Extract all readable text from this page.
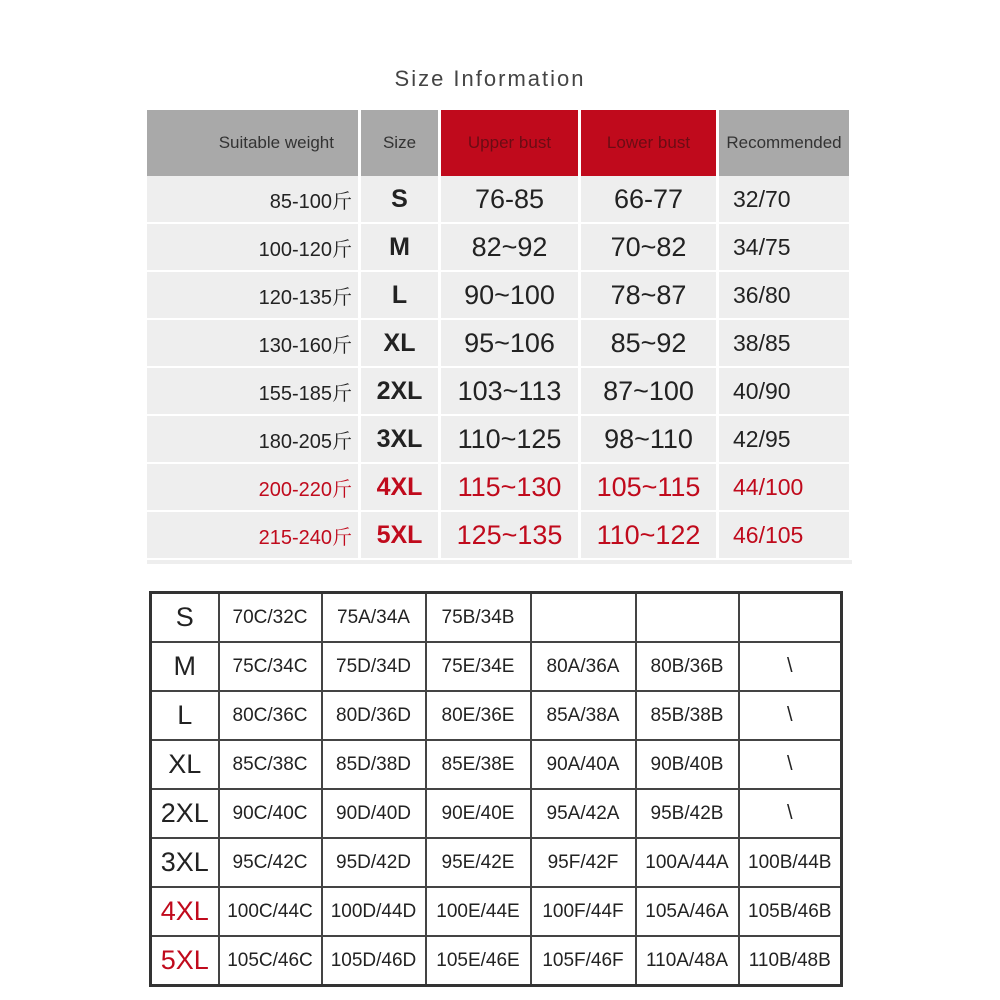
Size Information
Suitable weight	Size	Upper bust	Lower bust	Recommended
85-100斤	S	76-85	66-77	32/70
100-120斤	M	82~92	70~82	34/75
120-135斤	L	90~100	78~87	36/80
130-160斤	XL	95~106	85~92	38/85
155-185斤	2XL	103~113	87~100	40/90
180-205斤	3XL	110~125	98~110	42/95
200-220斤	4XL	115~130	105~115	44/100
215-240斤	5XL	125~135	110~122	46/105
S	70C/32C	75A/34A	75B/34B			
M	75C/34C	75D/34D	75E/34E	80A/36A	80B/36B	\
L	80C/36C	80D/36D	80E/36E	85A/38A	85B/38B	\
XL	85C/38C	85D/38D	85E/38E	90A/40A	90B/40B	\
2XL	90C/40C	90D/40D	90E/40E	95A/42A	95B/42B	\
3XL	95C/42C	95D/42D	95E/42E	95F/42F	100A/44A	100B/44B
4XL	100C/44C	100D/44D	100E/44E	100F/44F	105A/46A	105B/46B
5XL	105C/46C	105D/46D	105E/46E	105F/46F	110A/48A	110B/48B
